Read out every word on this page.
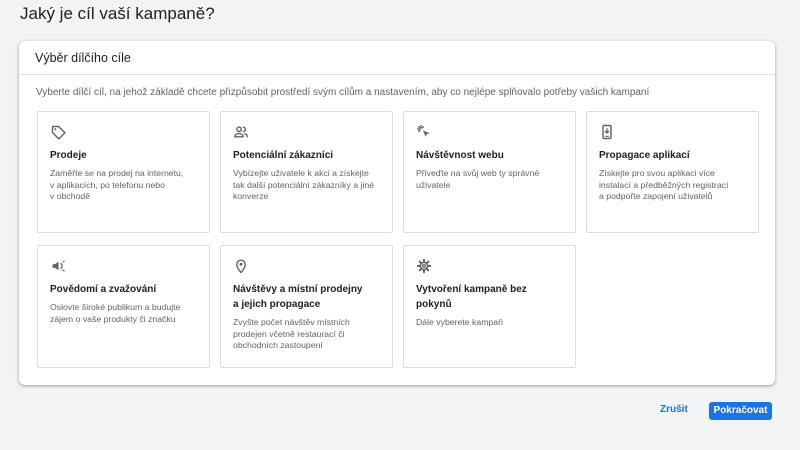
Jaký je cíl vaší kampaně?
Výběr dílčího cíle
Vyberte dílčí cíl, na jehož základě chcete přizpůsobit prostředí svým cílům a nastavením, aby co nejlépe splňovalo potřeby vašich kampaní
Prodeje
Zaměřte se na prodej na internetu,
v aplikacích, po telefonu nebo
v obchodě
Potenciální zákazníci
Vybízejte uživatele k akci a získejte
tak další potenciální zákazníky a jiné
konverze
Návštěvnost webu
Přiveďte na svůj web ty správné
uživatele
Propagace aplikací
Získejte pro svou aplikaci více
instalací a předběžných registrací
a podpořte zapojení uživatelů
Povědomí a zvažování
Oslovte široké publikum a budujte
zájem o vaše produkty či značku
Návštěvy a místní prodejny
a jejich propagace
Zvyšte počet návštěv místních
prodejen včetně restaurací či
obchodních zastoupení
Vytvoření kampaně bez pokynů
Dále vyberete kampaň
Zrušit	Pokračovat
